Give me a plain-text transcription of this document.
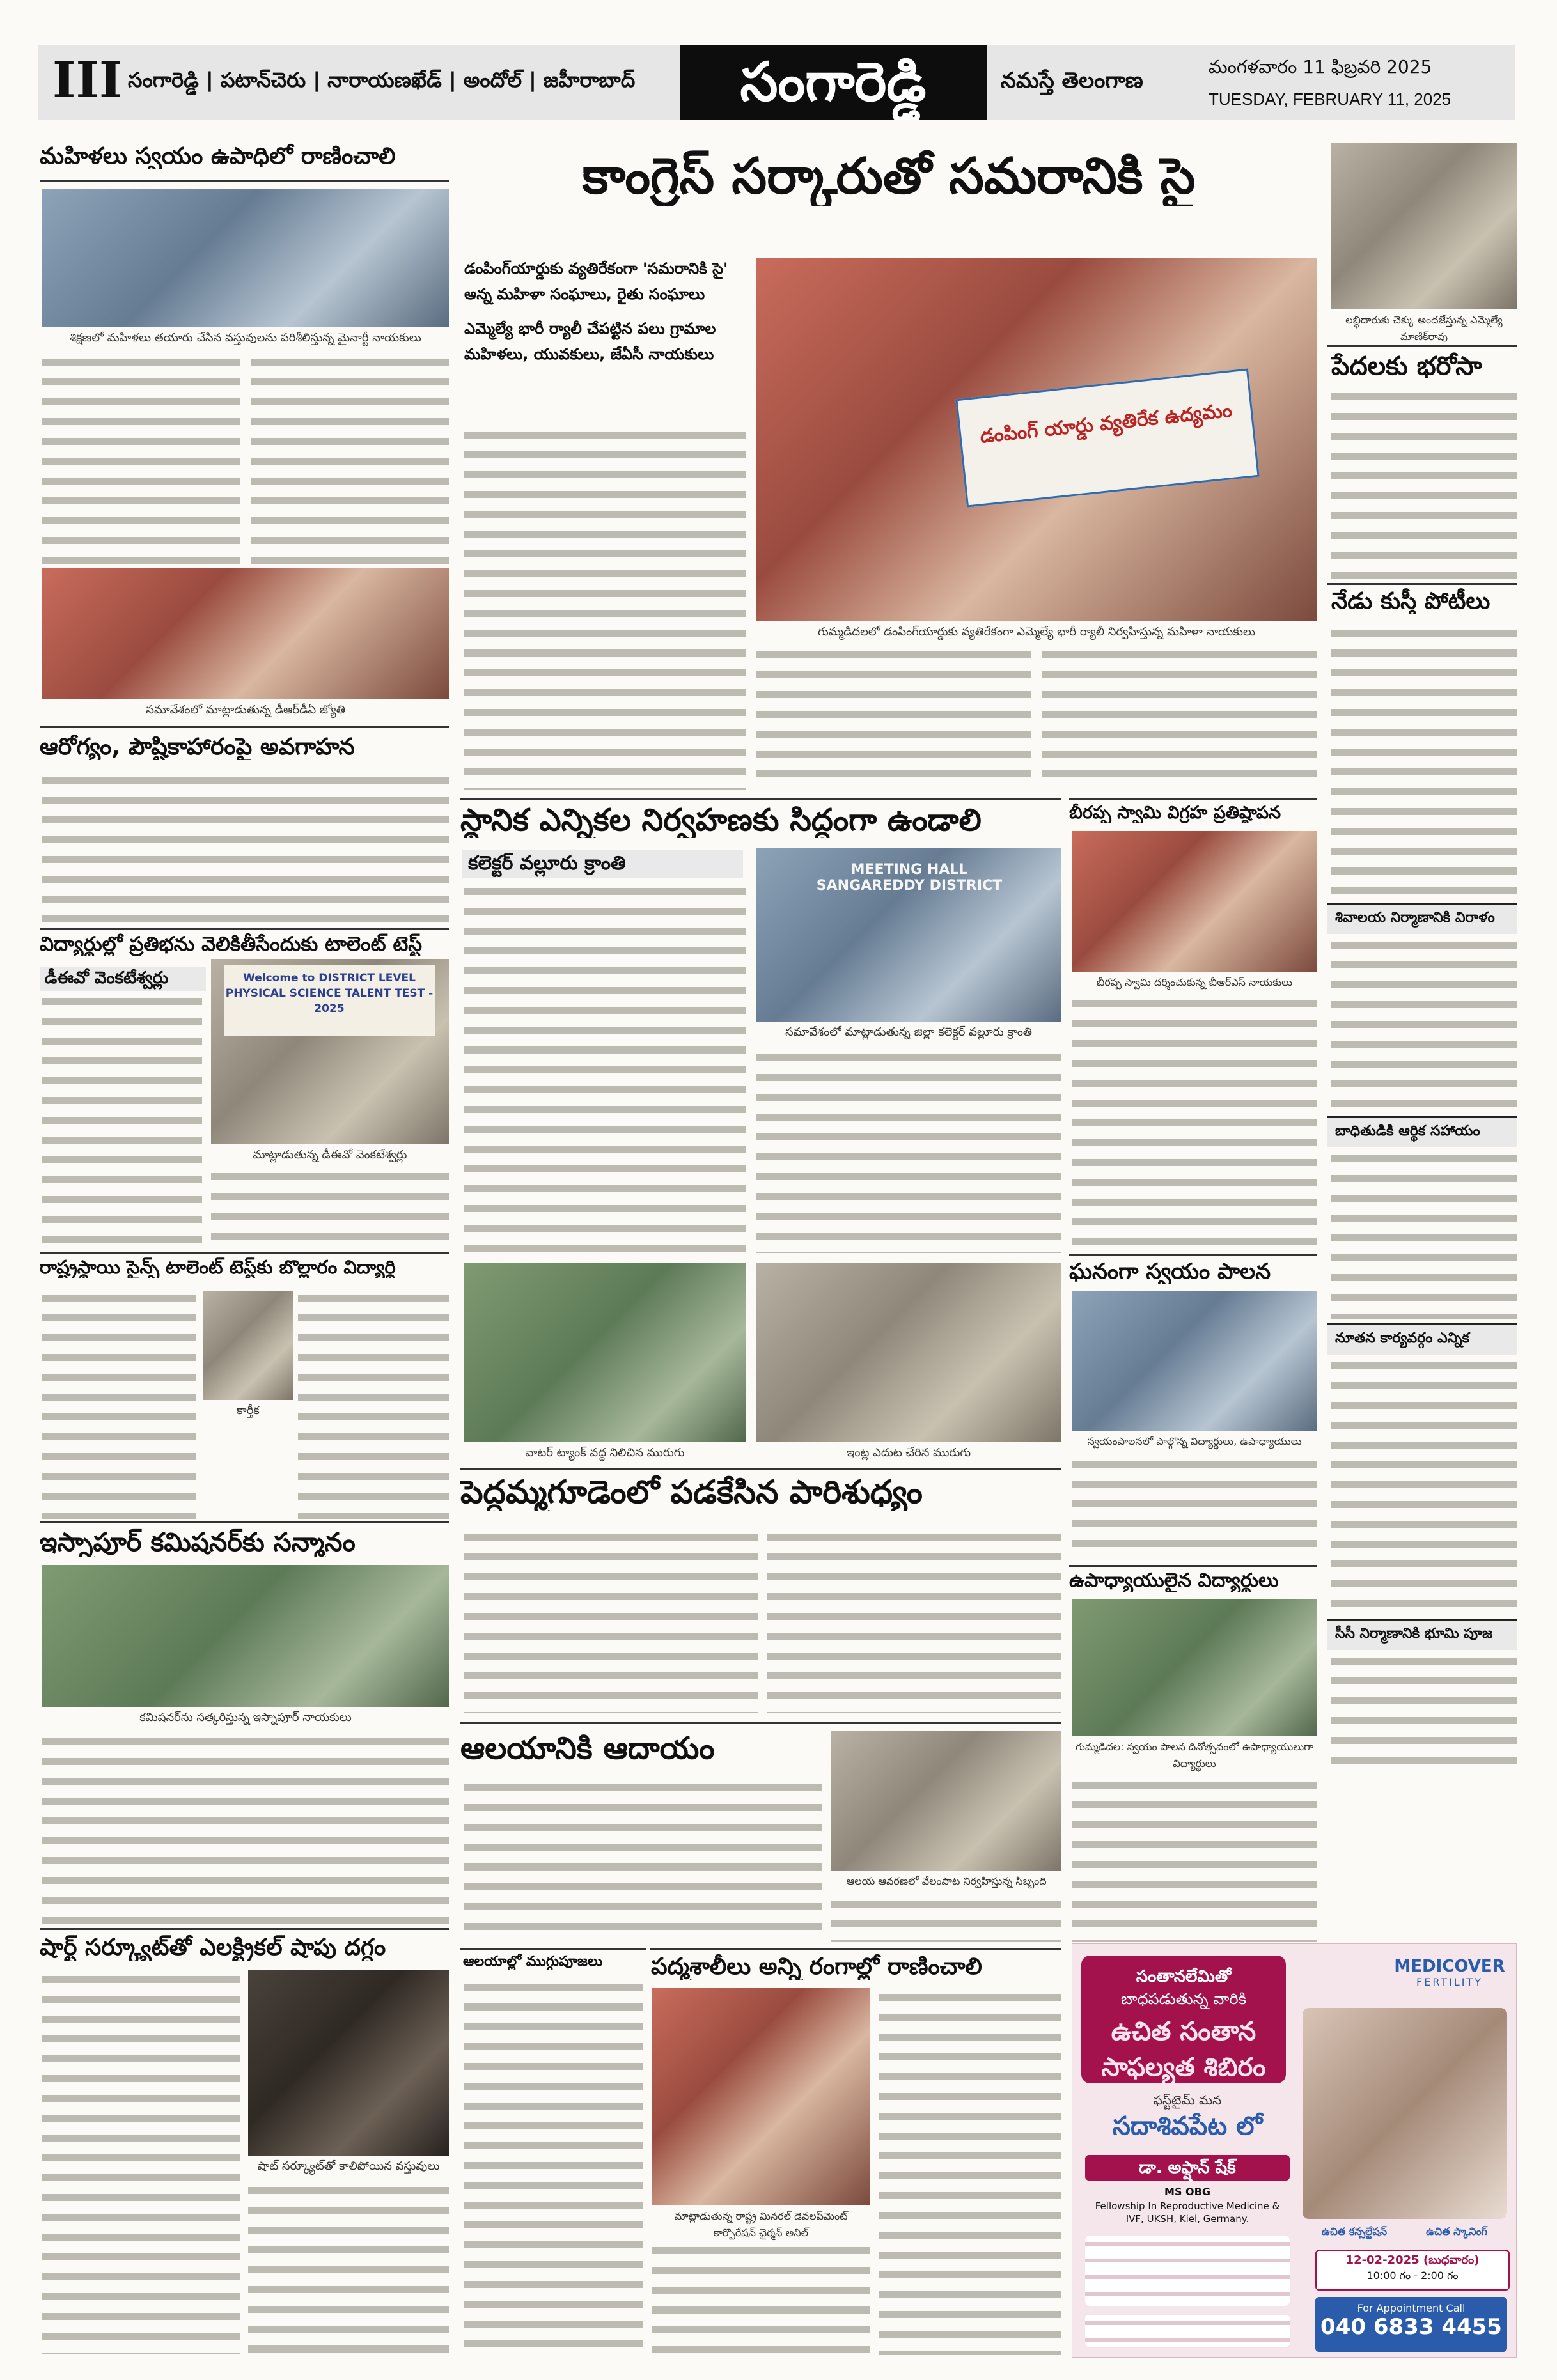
III సంగారెడ్డి | పటాన్‌చెరు | నారాయణఖేడ్ | అందోల్ | జహీరాబాద్	సంగారెడ్డి	నమస్తే తెలంగాణ
మంగళవారం 11 ఫిబ్రవరి 2025
TUESDAY, FEBRUARY 11, 2025
మహిళలు స్వయం ఉపాధిలో రాణించాలి
శిక్షణలో మహిళలు తయారు చేసిన వస్తువులను పరిశీలిస్తున్న మైనార్టీ నాయకులు
సమావేశంలో మాట్లాడుతున్న డీఆర్‌డీఏ జ్యోతి
ఆరోగ్యం, పౌష్టికాహారంపై అవగాహన
విద్యార్థుల్లో ప్రతిభను వెలికితీసేందుకు టాలెంట్ టెస్ట్
డీఈవో వెంకటేశ్వర్లు	Welcome to DISTRICT LEVEL PHYSICAL SCIENCE TALENT TEST - 2025
మాట్లాడుతున్న డీఈవో వెంకటేశ్వర్లు
రాష్ట్రస్థాయి సైన్స్ టాలెంట్ టెస్ట్‌కు బొల్లారం విద్యార్థి
కార్తీక
ఇస్నాపూర్ కమిషనర్‌కు సన్మానం
కమిషనర్‌ను సత్కరిస్తున్న ఇస్నాపూర్ నాయకులు
షార్ట్ సర్క్యూట్‌తో ఎలక్ట్రికల్ షాపు దగ్ధం
షాట్ సర్క్యూట్‌తో కాలిపోయిన వస్తువులు
కాంగ్రెస్ సర్కారుతో సమరానికి సై
డంపింగ్‌యార్డుకు వ్యతిరేకంగా 'సమరానికి సై' అన్న మహిళా సంఘాలు, రైతు సంఘాలు
ఎమ్మెల్యే భారీ ర్యాలీ చేపట్టిన పలు గ్రామాల మహిళలు, యువకులు, జేఏసీ నాయకులు
డంపింగ్ యార్డు వ్యతిరేక ఉద్యమం
గుమ్మడిదలలో డంపింగ్‌యార్డుకు వ్యతిరేకంగా ఎమ్మెల్యే భారీ ర్యాలీ నిర్వహిస్తున్న మహిళా నాయకులు
స్థానిక ఎన్నికల నిర్వహణకు సిద్ధంగా ఉండాలి
కలెక్టర్ వల్లూరు క్రాంతి	MEETING HALL SANGAREDDY DISTRICT
సమావేశంలో మాట్లాడుతున్న జిల్లా కలెక్టర్ వల్లూరు క్రాంతి
బీరప్ప స్వామి విగ్రహ ప్రతిష్ఠాపన
బీరప్ప స్వామి దర్శించుకున్న బీఆర్ఎస్ నాయకులు
వాటర్ ట్యాంక్ వద్ద నిలిచిన మురుగు	ఇంట్ల ఎదుట చేరిన మురుగు
పెద్దమ్మగూడెంలో పడకేసిన పారిశుధ్యం
ఆలయానికి ఆదాయం
ఆలయ ఆవరణలో వేలంపాట నిర్వహిస్తున్న సిబ్బంది
ఆలయాల్లో ముగ్గుపూజలు	పద్మశాలీలు అన్ని రంగాల్లో రాణించాలి
మాట్లాడుతున్న రాష్ట్ర మినరల్ డెవలప్‌మెంట్ కార్పొరేషన్ ఛైర్మన్ అనిల్
ఘనంగా స్వయం పాలన
స్వయంపాలనలో పాల్గొన్న విద్యార్థులు, ఉపాధ్యాయులు
ఉపాధ్యాయులైన విద్యార్థులు
గుమ్మడిదల: స్వయం పాలన దినోత్సవంలో ఉపాధ్యాయులుగా విద్యార్థులు
లబ్ధిదారుకు చెక్కు అందజేస్తున్న ఎమ్మెల్యే మాణిక్‌రావు
పేదలకు భరోసా
నేడు కుస్తీ పోటీలు
శివాలయ నిర్మాణానికి విరాళం
బాధితుడికి ఆర్థిక సహాయం
నూతన కార్యవర్గం ఎన్నిక
సీసీ నిర్మాణానికి భూమి పూజ
సంతానలేమితో
బాధపడుతున్న వారికి
ఉచిత సంతాన
సాఫల్యత శిబిరం
MEDICOVER
FERTILITY
ఫస్ట్‌టైమ్ మన
సదాశివపేట లో
డా. అఫ్షాన్ షేక్
MS OBG
Fellowship In Reproductive Medicine & IVF, UKSH, Kiel, Germany.
ఉచిత కన్సల్టేషన్	ఉచిత స్కానింగ్
12-02-2025 (బుధవారం)
10:00 గం - 2:00 గం
For Appointment Call
040 6833 4455
